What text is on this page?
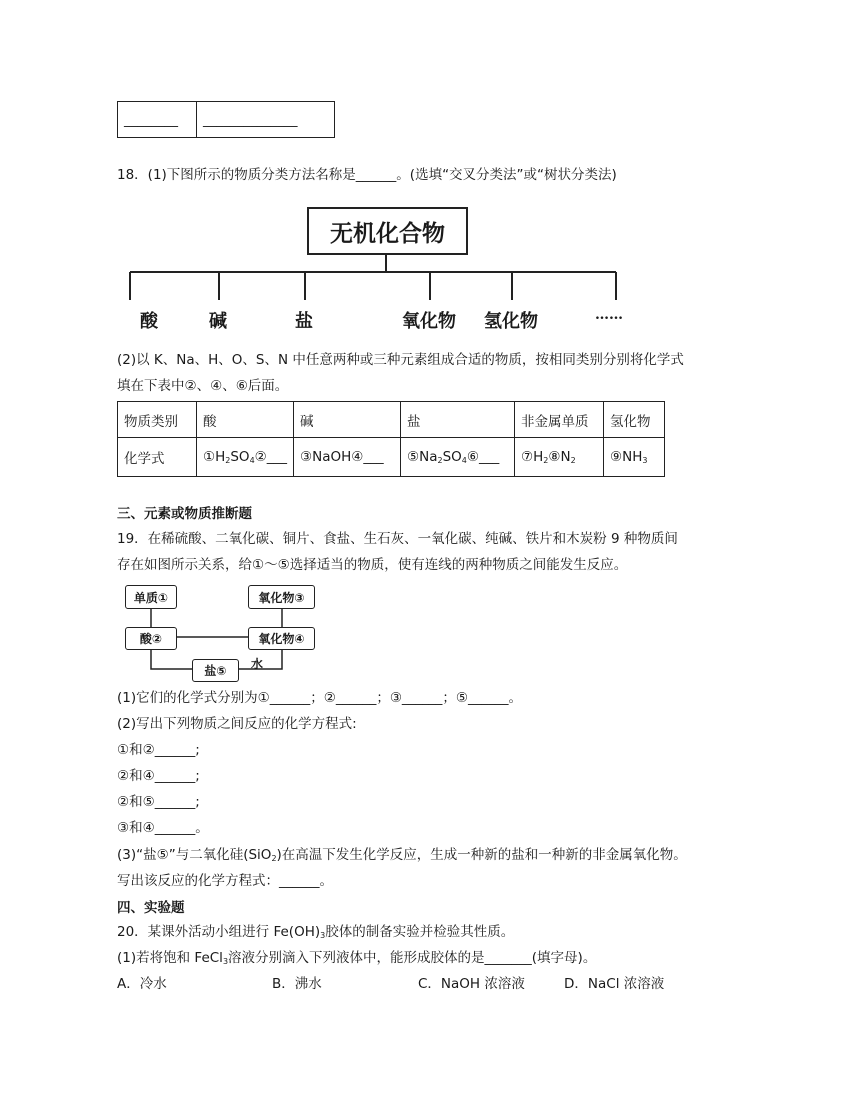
________	______________
18．(1)下图所示的物质分类方法名称是______。(选填“交叉分类法”或“树状分类法)
无机化合物
酸	碱	盐	氧化物 氢化物	……
(2)以 K、Na、H、O、S、N 中任意两种或三种元素组成合适的物质，按相同类别分别将化学式
填在下表中②、④、⑥后面。
物质类别	酸	碱	盐	非金属单质	氢化物
化学式	$①H_2SO_4②\_\_\_$	③NaOH④___	$⑤Na_2SO_4⑥\_\_\_$	$⑦H_2⑧N_2$	$⑨NH_3$
三、元素或物质推断题
19．在稀硫酸、二氧化碳、铜片、食盐、生石灰、一氧化碳、纯碱、铁片和木炭粉 9 种物质间
存在如图所示关系，给①～⑤选择适当的物质，使有连线的两种物质之间能发生反应。
单质①	氧化物③
酸②	氧化物④
盐⑤	水
(1)它们的化学式分别为①______；②______；③______；⑤______。
(2)写出下列物质之间反应的化学方程式:
①和②______;
②和④______;
②和⑤______;
③和④______。
(3)“盐⑤”与二氧化硅(SiO$_2$)在高温下发生化学反应，生成一种新的盐和一种新的非金属氧化物。
写出该反应的化学方程式：______。
四、实验题
20．某课外活动小组进行 $Fe(OH)_3$胶体的制备实验并检验其性质。
(1)若将饱和 FeCl$_3$溶液分别滴入下列液体中，能形成胶体的是_______(填字母)。
A．冷水	B．沸水	C．NaOH 浓溶液	D．NaCl 浓溶液
